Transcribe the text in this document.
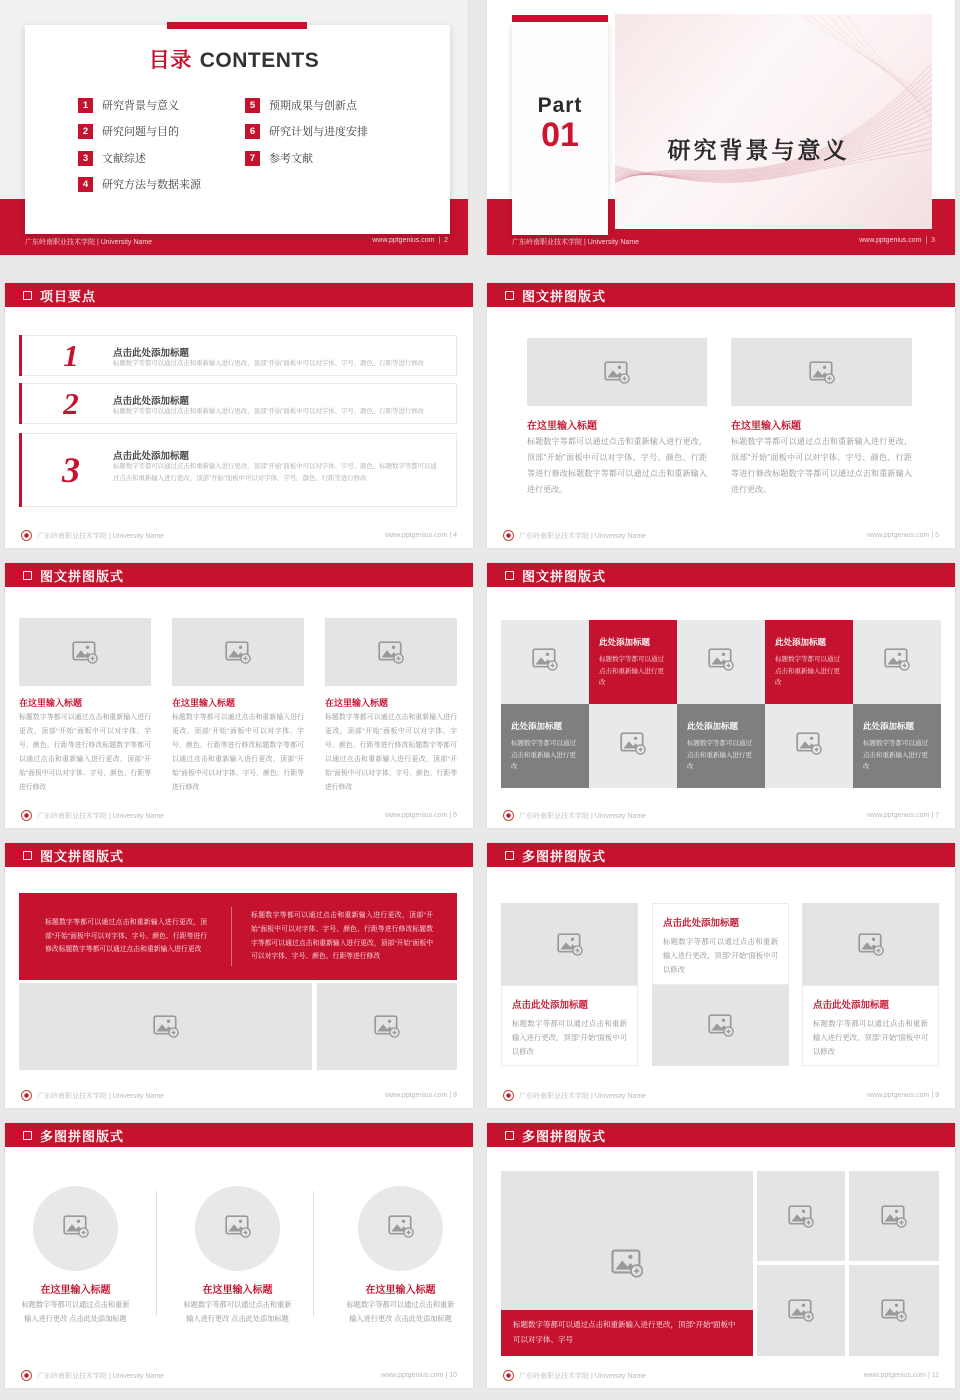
目录 CONTENTS
1	研究背景与意义
2	研究问题与目的
3	文献综述
4	研究方法与数据来源
5	预期成果与创新点
6	研究计划与进度安排
7	参考文献
广东岭南职业技术学院 | University Name	www.pptgenius.com  |  2
研究背景与意义
Part
01
广东岭南职业技术学院 | University Name	www.pptgenius.com  |  3
项目要点
1	点击此处添加标题
标题数字等都可以通过点击和重新输入进行更改，顶部“开始”面板中可以对字体、字号、颜色、行距等进行修改
2	点击此处添加标题
标题数字等都可以通过点击和重新输入进行更改，顶部“开始”面板中可以对字体、字号、颜色、行距等进行修改
3	点击此处添加标题
标题数字等都可以通过点击和重新输入进行更改，顶部“开始”面板中可以对字体、字号、颜色、标题数字等都可以通过点击和重新输入进行更改，顶部“开始”面板中可以对字体、字号、颜色、行距等进行修改
广东岭南职业技术学院 | University Name	www.pptgenius.com | 4
图文拼图版式
在这里输入标题	在这里输入标题
标题数字等都可以通过点击和重新输入进行更改，顶部“开始”面板中可以对字体、字号、颜色、行距等进行修改标题数字等都可以通过点击和重新输入进行更改。
标题数字等都可以通过点击和重新输入进行更改，顶部“开始”面板中可以对字体、字号、颜色、行距等进行修改标题数字等都可以通过点击和重新输入进行更改。
广东岭南职业技术学院 | University Name	www.pptgenius.com | 5
图文拼图版式
在这里输入标题	在这里输入标题	在这里输入标题
标题数字等都可以通过点击和重新输入进行更改，顶部“开始”面板中可以对字体、字号、颜色、行距等进行修改标题数字等都可以通过点击和重新输入进行更改，顶部“开始”面板中可以对字体、字号、颜色、行距等进行修改
标题数字等都可以通过点击和重新输入进行更改，顶部“开始”面板中可以对字体、字号、颜色、行距等进行修改标题数字等都可以通过点击和重新输入进行更改，顶部“开始”面板中可以对字体、字号、颜色、行距等进行修改
标题数字等都可以通过点击和重新输入进行更改，顶部“开始”面板中可以对字体、字号、颜色、行距等进行修改标题数字等都可以通过点击和重新输入进行更改，顶部“开始”面板中可以对字体、字号、颜色、行距等进行修改
广东岭南职业技术学院 | University Name	www.pptgenius.com | 6
图文拼图版式
此处添加标题
标题数字等都可以通过点击和重新输入进行更改
此处添加标题
标题数字等都可以通过点击和重新输入进行更改
此处添加标题
标题数字等都可以通过点击和重新输入进行更改
此处添加标题
标题数字等都可以通过点击和重新输入进行更改
此处添加标题
标题数字等都可以通过点击和重新输入进行更改
广东岭南职业技术学院 | University Name	www.pptgenius.com | 7
图文拼图版式

标题数字等都可以通过点击和重新输入进行更改，顶部“开始”面板中可以对字体、字号、颜色、行距等进行修改标题数字等都可以通过点击和重新输入进行更改

标题数字等都可以通过点击和重新输入进行更改，顶部“开始”面板中可以对字体、字号、颜色、行距等进行修改标题数字等都可以通过点击和重新输入进行更改，顶部“开始”面板中可以对字体、字号、颜色、行距等进行修改

广东岭南职业技术学院 | University Name	www.pptgenius.com | 8
多图拼图版式
点击此处添加标题
标题数字等都可以通过点击和重新输入进行更改，顶部“开始”面板中可以修改
点击此处添加标题
标题数字等都可以通过点击和重新输入进行更改，顶部“开始”面板中可以修改
点击此处添加标题
标题数字等都可以通过点击和重新输入进行更改，顶部“开始”面板中可以修改
广东岭南职业技术学院 | University Name	www.pptgenius.com | 9
多图拼图版式
在这里输入标题	在这里输入标题	在这里输入标题
标题数字等都可以通过点击和重新输入进行更改 点击此处添加标题
标题数字等都可以通过点击和重新输入进行更改 点击此处添加标题
标题数字等都可以通过点击和重新输入进行更改 点击此处添加标题
广东岭南职业技术学院 | University Name	www.pptgenius.com | 10
多图拼图版式

标题数字等都可以通过点击和重新输入进行更改，顶部“开始”面板中可以对字体、字号

广东岭南职业技术学院 | University Name	www.pptgenius.com | 11
